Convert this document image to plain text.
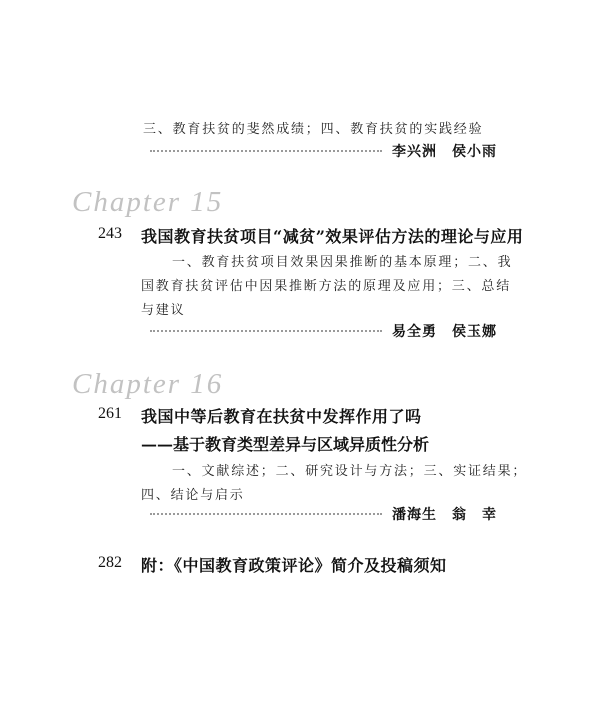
三、教育扶贫的斐然成绩；四、教育扶贫的实践经验
李兴洲　侯小雨
Chapter 15
243 我国教育扶贫项目“减贫”效果评估方法的理论与应用
一、教育扶贫项目效果因果推断的基本原理；二、我
国教育扶贫评估中因果推断方法的原理及应用；三、总结
与建议
易全勇　侯玉娜
Chapter 16
261 我国中等后教育在扶贫中发挥作用了吗
——基于教育类型差异与区域异质性分析
一、文献综述；二、研究设计与方法；三、实证结果；
四、结论与启示
潘海生　翁　幸
282 附：《中国教育政策评论》简介及投稿须知
